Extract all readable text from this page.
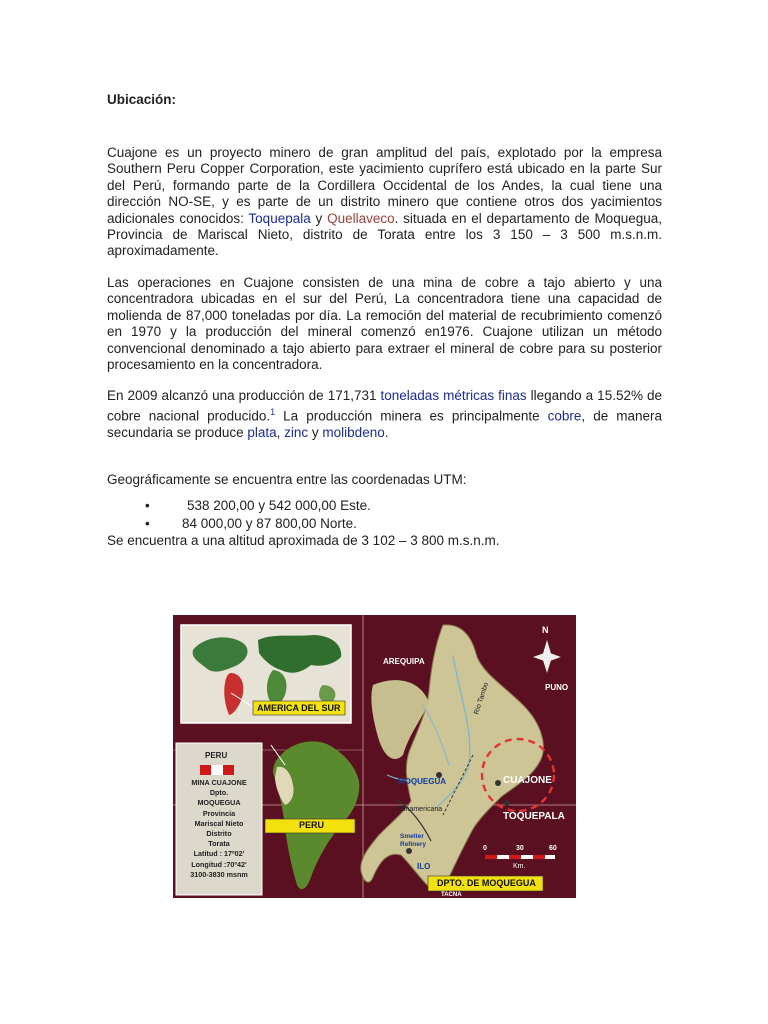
Ubicación:
Cuajone es un proyecto minero de gran amplitud del país, explotado por la empresa Southern Peru Copper Corporation, este yacimiento cuprífero está ubicado en la parte Sur del Perú, formando parte de la Cordillera Occidental de los Andes, la cual tiene una dirección NO-SE, y es parte de un distrito minero que contiene otros dos yacimientos adicionales conocidos: Toquepala y Quellaveco. situada en el departamento de Moquegua, Provincia de Mariscal Nieto, distrito de Torata entre los 3 150 – 3 500 m.s.n.m. aproximadamente.
Las operaciones en Cuajone consisten de una mina de cobre a tajo abierto y una concentradora ubicadas en el sur del Perú, La concentradora tiene una capacidad de molienda de 87,000 toneladas por día. La remoción del material de recubrimiento comenzó en 1970 y la producción del mineral comenzó en1976. Cuajone utilizan un método convencional denominado a tajo abierto para extraer el mineral de cobre para su posterior procesamiento en la concentradora.
En 2009 alcanzó una producción de 171,731 toneladas métricas finas llegando a 15.52% de cobre nacional producido.$^1$ La producción minera es principalmente cobre, de manera secundaria se produce plata, zinc y molibdeno.
Geográficamente se encuentra entre las coordenadas UTM:
•	538 200,00 y 542 000,00 Este.
• 84 000,00 y 87 800,00 Norte.
Se encuentra a una altitud aproximada de 3 102 – 3 800 m.s.n.m.
AMERICA DEL SUR
PERU
MINA CUAJONE
Dpto.
MOQUEGUA
Provincia
Mariscal Nieto
Distrito
Torata
Latitud : 17º02'
Longitud :70º42'
3100-3830 msnm
PERU
AREQUIPA
PUNO
N
MOQUEGUA
Panamericana
Rio Tambo
CUAJONE
TOQUEPALA
Smelter
Refinery
ILO
0	30	60
Km.
DPTO. DE MOQUEGUA
TACNA
